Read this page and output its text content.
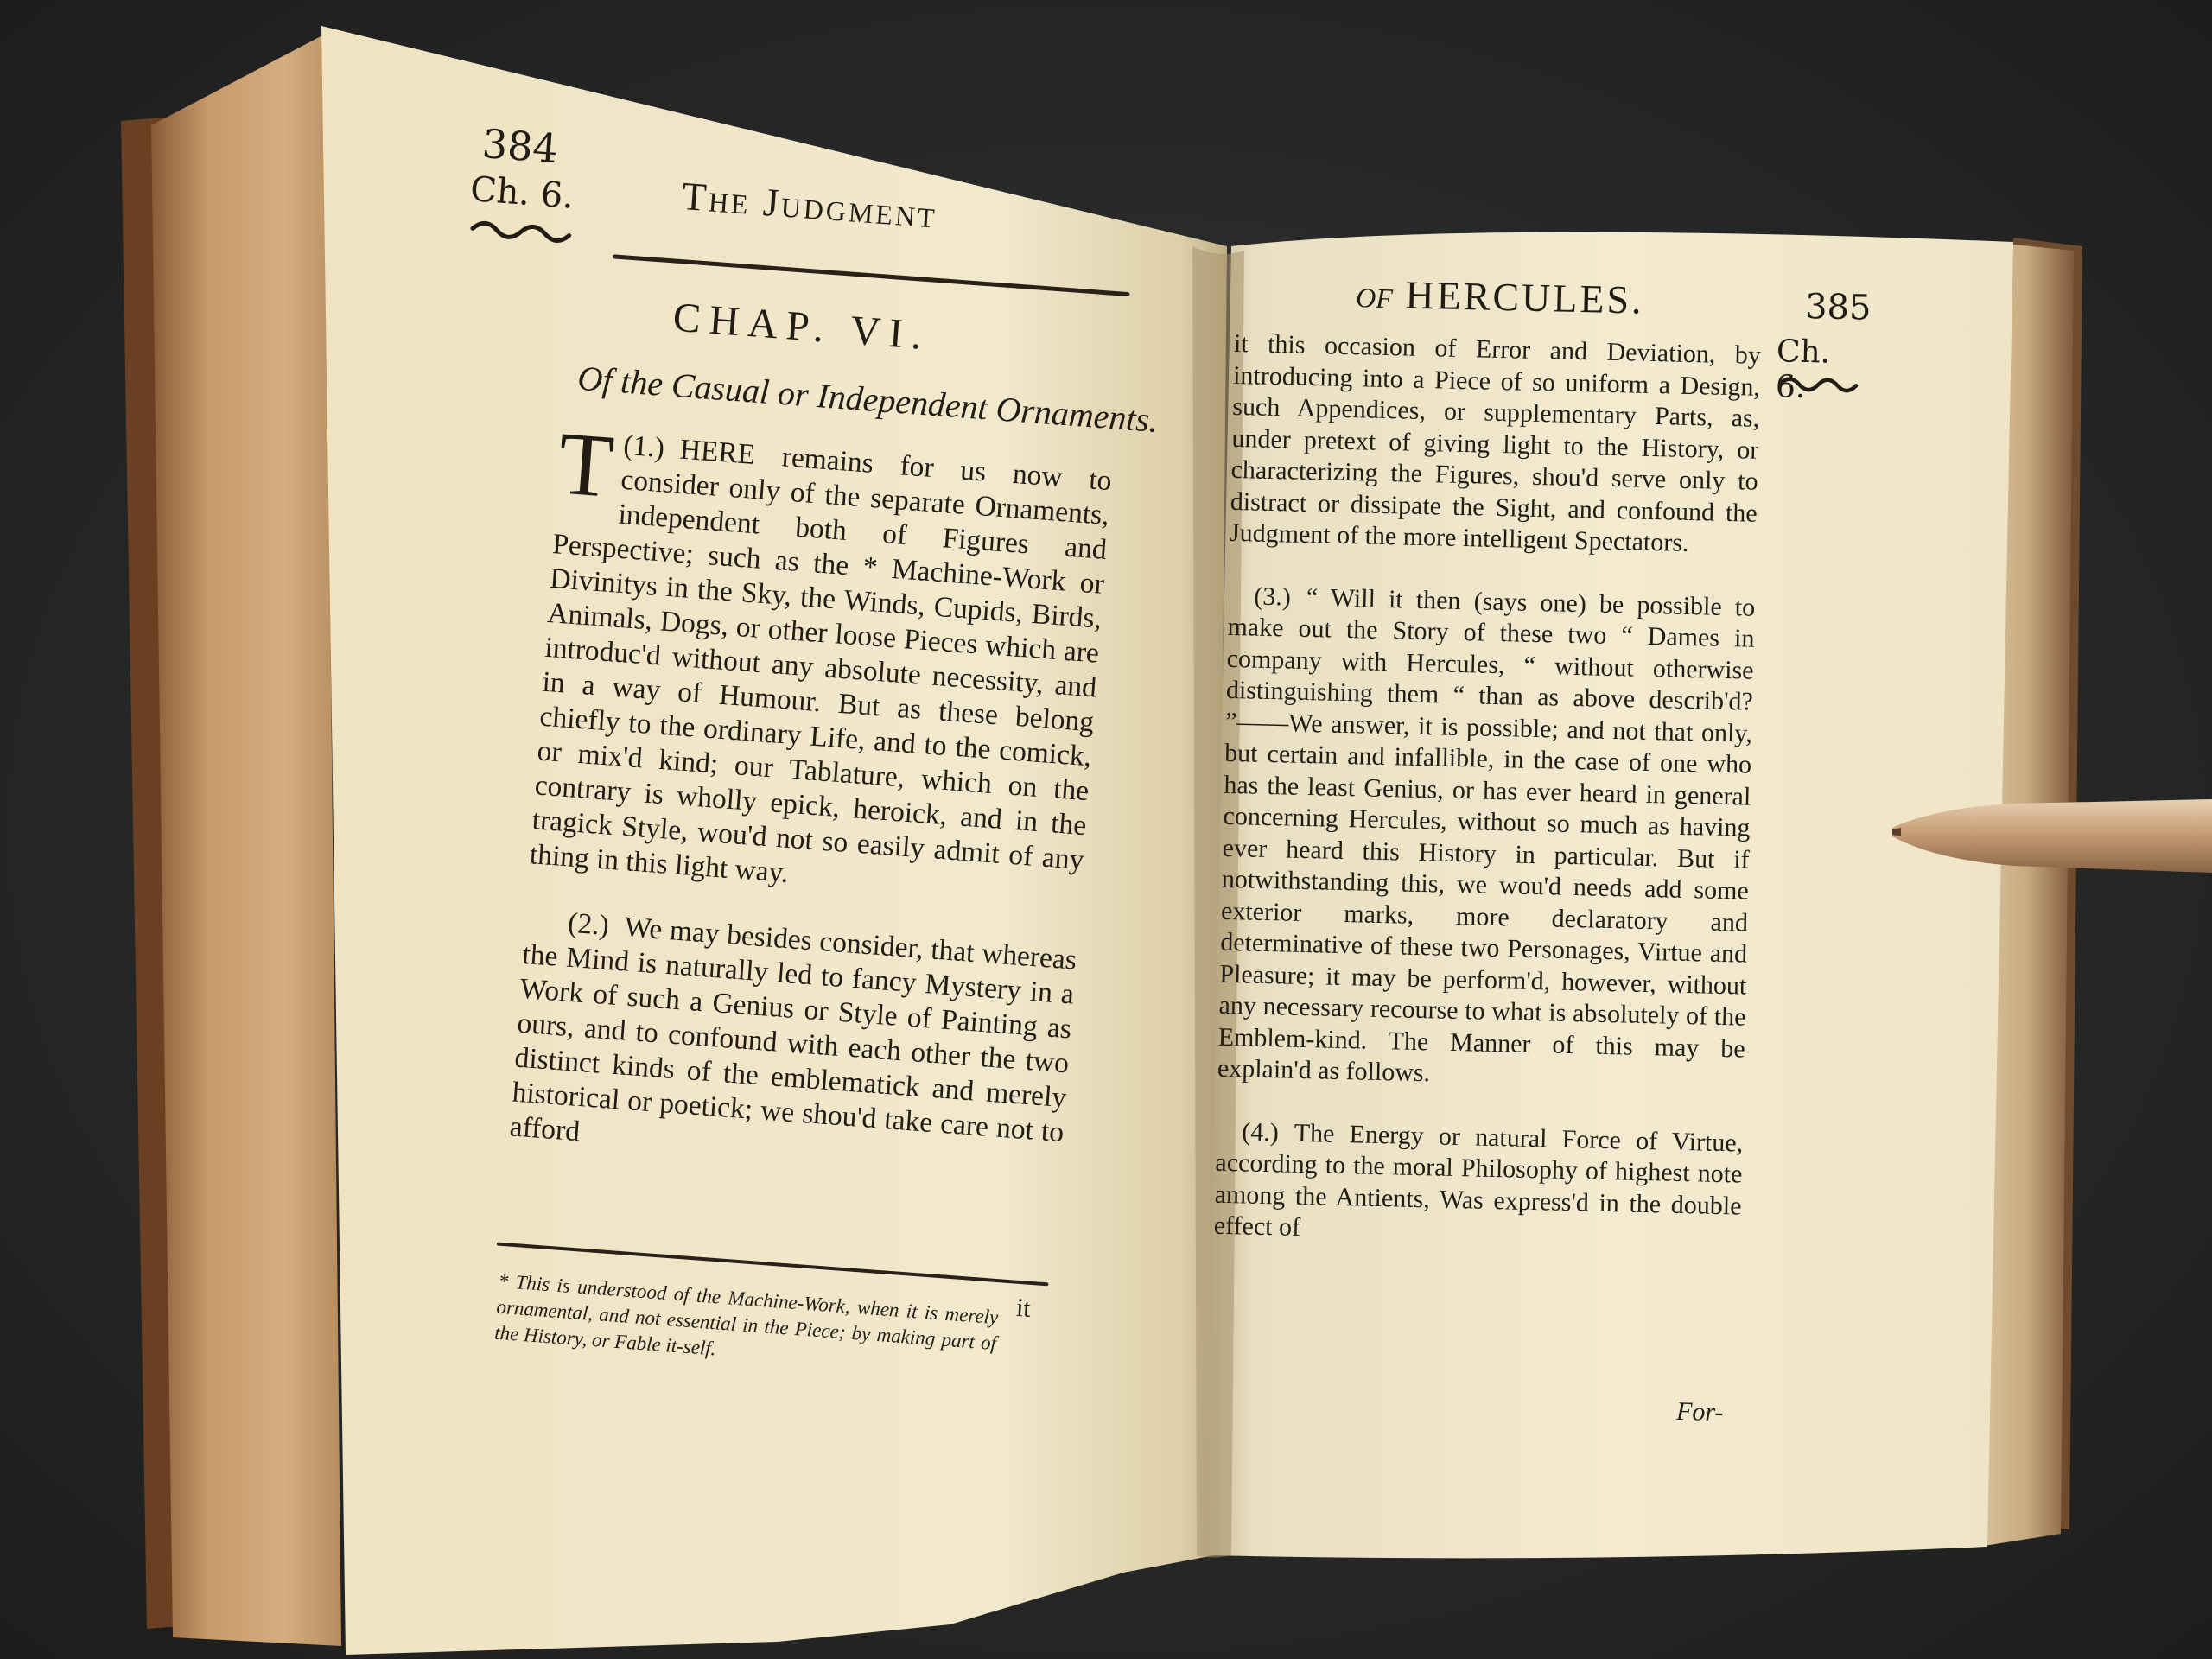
384
Ch. 6.	The Judgment
CHAP. VI.
Of the Casual or Independent Ornaments.

(1.)
T HERE remains for us now to consider only of the separate Ornaments, independent both of Figures and Perspective; such as the * Machine-Work or Divinitys in the Sky, the Winds, Cupids, Birds, Animals, Dogs, or other loose Pieces which are introduc'd without any absolute necessity, and in a way of Humour. But as these belong chiefly to the ordinary Life, and to the comick, or mix'd kind; our Tablature, which on the contrary is wholly epick, heroick, and in the tragick Style, wou'd not so easily admit of any thing in this light way.

(2.) We may besides consider, that whereas the Mind is naturally led to fancy Mystery in a Work of such a Genius or Style of Painting as ours, and to confound with each other the two distinct kinds of the emblematick and merely historical or poetick; we shou'd take care not to afford

it
* This is understood of the Machine-Work, when it is merely ornamental, and not essential in the Piece; by making part of the History, or Fable it-self.
of HERCULES.	385
Ch. 6.

it this occasion of Error and Deviation, by introducing into a Piece of so uniform a Design, such Appendices, or supplementary Parts, as, under pretext of giving light to the History, or characterizing the Figures, shou'd serve only to distract or dissipate the Sight, and confound the Judgment of the more intelligent Spectators.

(3.) “ Will it then (says one) be possible to make out the Story of these two “ Dames in company with Hercules, “ without otherwise distinguishing them “ than as above describ'd? ”——We answer, it is possible; and not that only, but certain and infallible, in the case of one who has the least Genius, or has ever heard in general concerning Hercules, without so much as having ever heard this History in particular. But if notwithstanding this, we wou'd needs add some exterior marks, more declaratory and determinative of these two Personages, Virtue and Pleasure; it may be perform'd, however, without any necessary recourse to what is absolutely of the Emblem-kind. The Manner of this may be explain'd as follows.

(4.) The Energy or natural Force of Virtue, according to the moral Philosophy of highest note among the Antients, Was express'd in the double effect of

For-
